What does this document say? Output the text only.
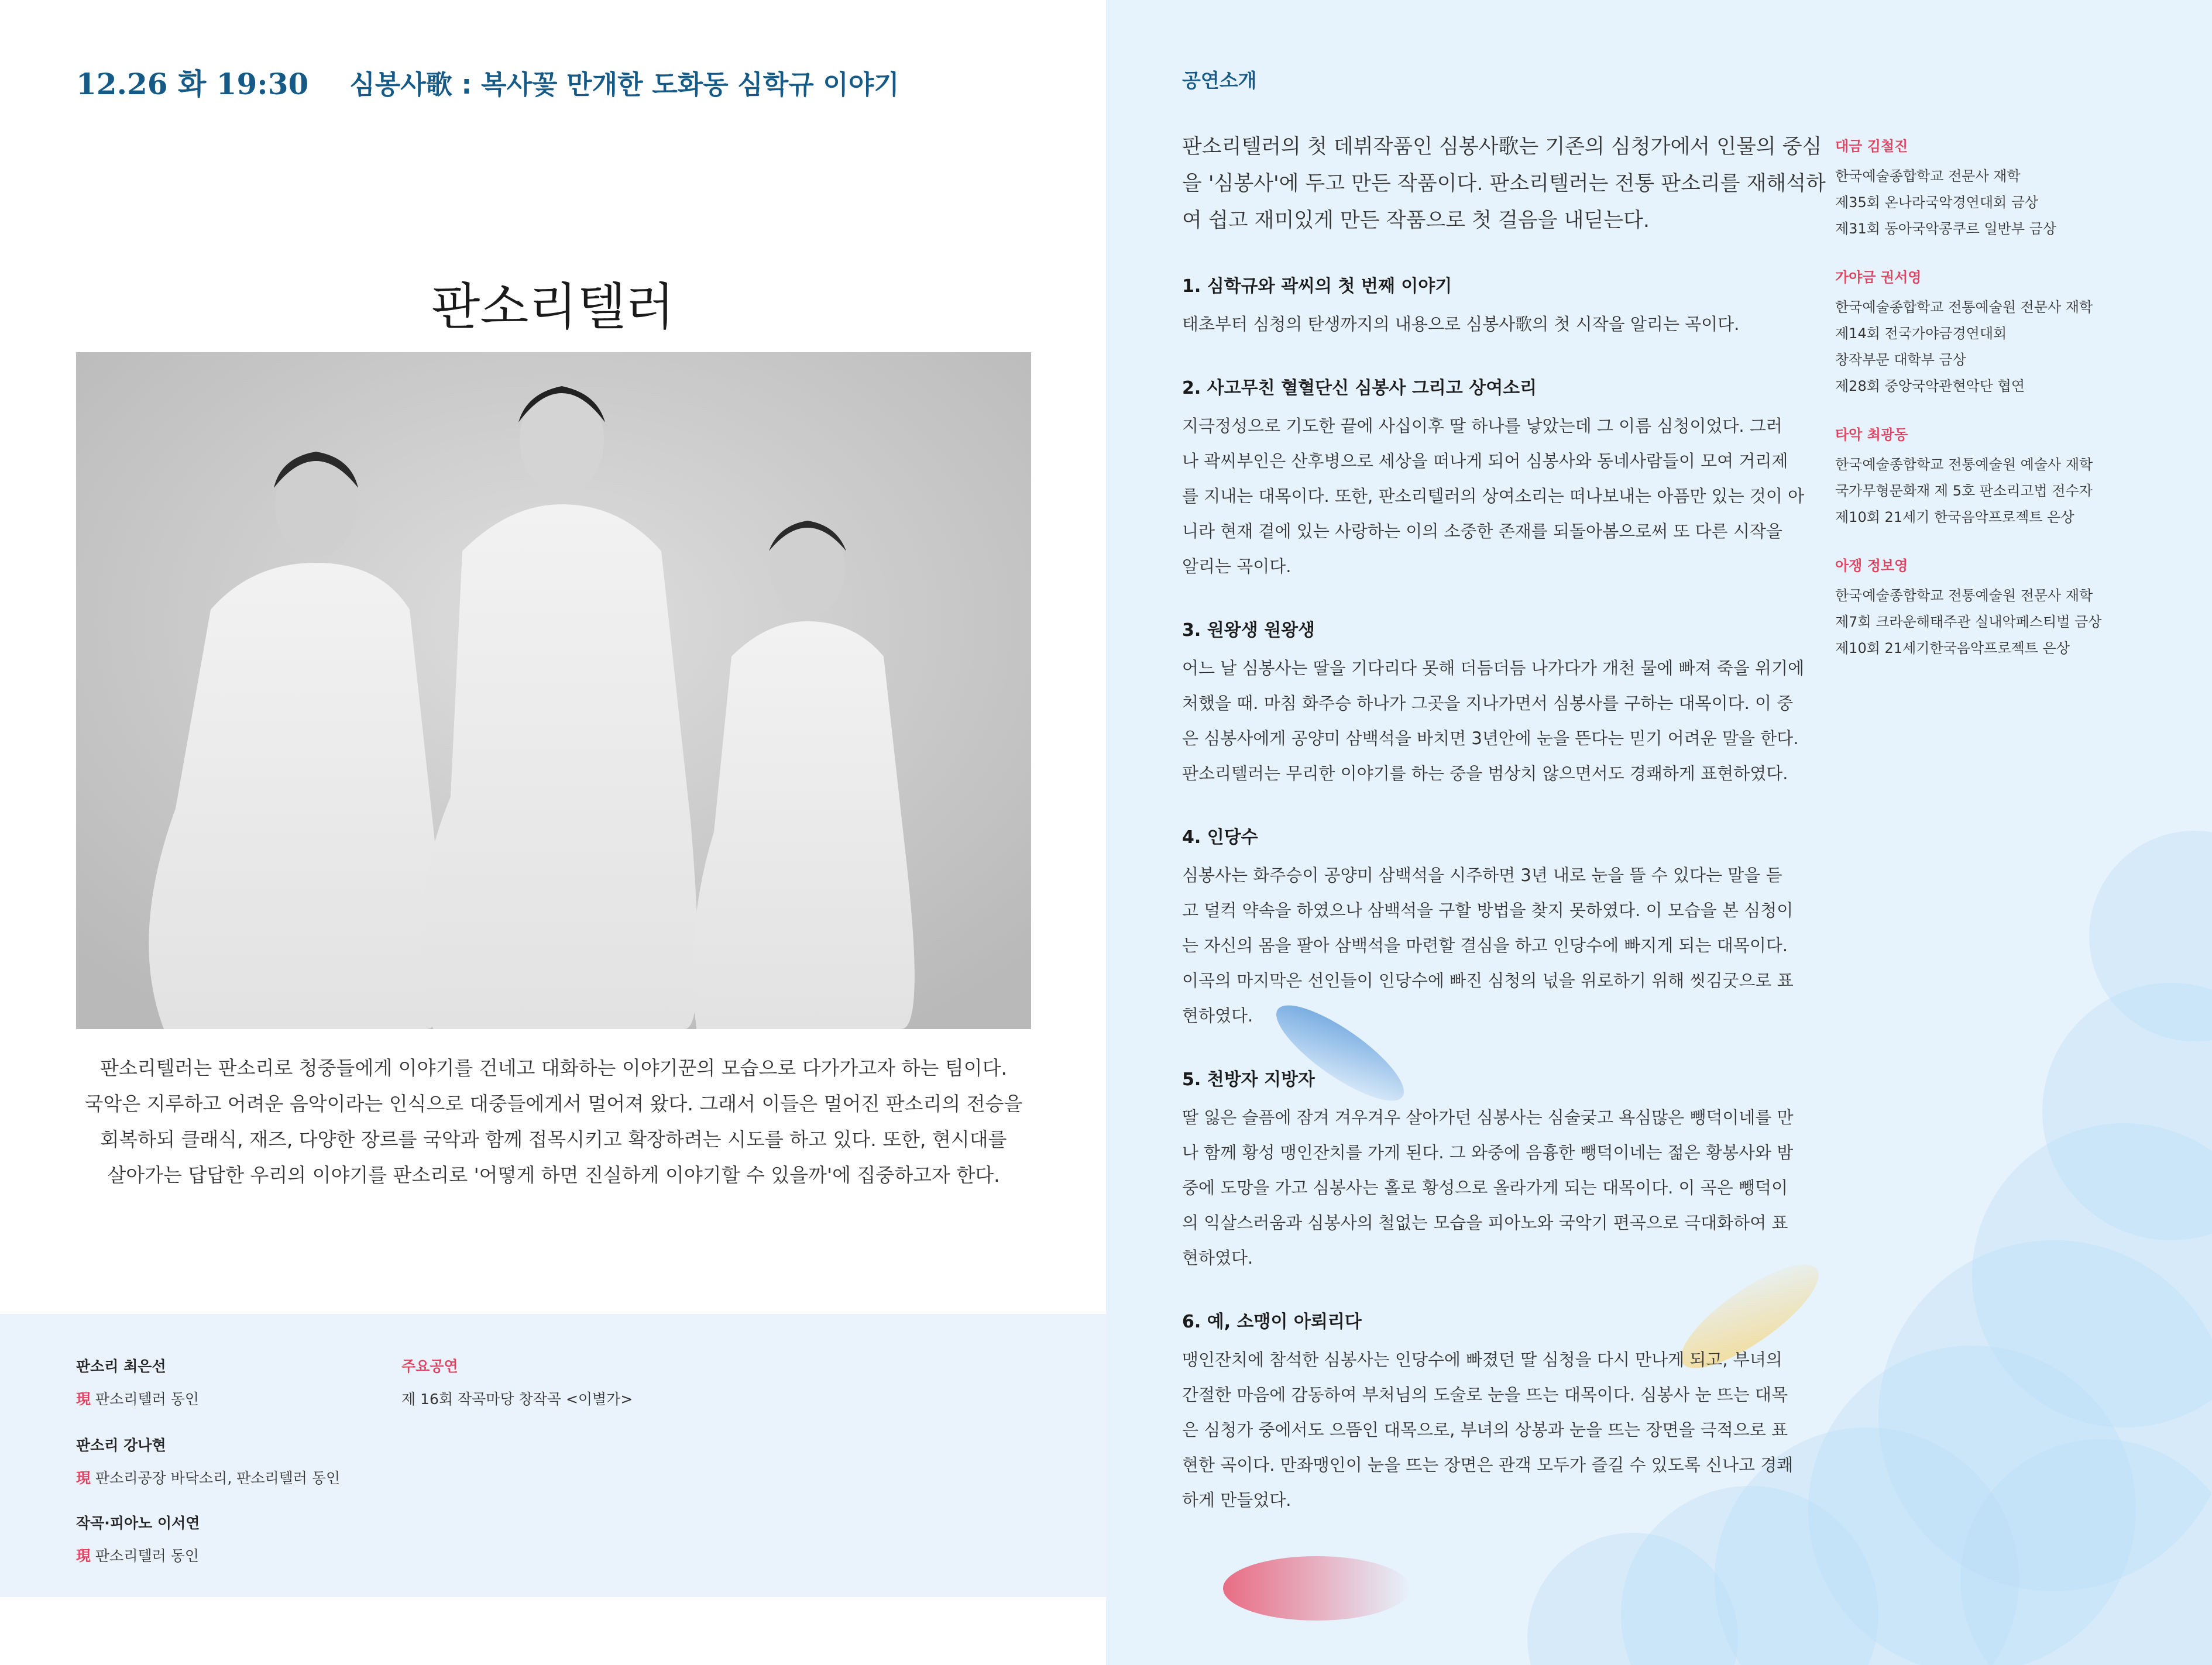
12.26 화 19:30 심봉사歌 : 복사꽃 만개한 도화동 심학규 이야기
판소리텔러

판소리텔러는 판소리로 청중들에게 이야기를 건네고 대화하는 이야기꾼의 모습으로 다가가고자 하는 팀이다.

국악은 지루하고 어려운 음악이라는 인식으로 대중들에게서 멀어져 왔다. 그래서 이들은 멀어진 판소리의 전승을

회복하되 클래식, 재즈, 다양한 장르를 국악과 함께 접목시키고 확장하려는 시도를 하고 있다. 또한, 현시대를

살아가는 답답한 우리의 이야기를 판소리로 '어떻게 하면 진실하게 이야기할 수 있을까'에 집중하고자 한다.

판소리 최은선
現 판소리텔러 동인
판소리 강나현
現 판소리공장 바닥소리, 판소리텔러 동인
작곡·피아노 이서연
現 판소리텔러 동인
주요공연
제 16회 작곡마당 창작곡 <이별가>
공연소개

판소리텔러의 첫 데뷔작품인 심봉사歌는 기존의 심청가에서 인물의 중심

을 '심봉사'에 두고 만든 작품이다. 판소리텔러는 전통 판소리를 재해석하

여 쉽고 재미있게 만든 작품으로 첫 걸음을 내딛는다.

1. 심학규와 곽씨의 첫 번째 이야기
태초부터 심청의 탄생까지의 내용으로 심봉사歌의 첫 시작을 알리는 곡이다.
2. 사고무친 혈혈단신 심봉사 그리고 상여소리
지극정성으로 기도한 끝에 사십이후 딸 하나를 낳았는데 그 이름 심청이었다. 그러
나 곽씨부인은 산후병으로 세상을 떠나게 되어 심봉사와 동네사람들이 모여 거리제
를 지내는 대목이다. 또한, 판소리텔러의 상여소리는 떠나보내는 아픔만 있는 것이 아
니라 현재 곁에 있는 사랑하는 이의 소중한 존재를 되돌아봄으로써 또 다른 시작을
알리는 곡이다.
3. 원왕생 원왕생
어느 날 심봉사는 딸을 기다리다 못해 더듬더듬 나가다가 개천 물에 빠져 죽을 위기에
처했을 때. 마침 화주승 하나가 그곳을 지나가면서 심봉사를 구하는 대목이다. 이 중
은 심봉사에게 공양미 삼백석을 바치면 3년안에 눈을 뜬다는 믿기 어려운 말을 한다.
판소리텔러는 무리한 이야기를 하는 중을 범상치 않으면서도 경쾌하게 표현하였다.
4. 인당수
심봉사는 화주승이 공양미 삼백석을 시주하면 3년 내로 눈을 뜰 수 있다는 말을 듣
고 덜컥 약속을 하였으나 삼백석을 구할 방법을 찾지 못하였다. 이 모습을 본 심청이
는 자신의 몸을 팔아 삼백석을 마련할 결심을 하고 인당수에 빠지게 되는 대목이다.
이곡의 마지막은 선인들이 인당수에 빠진 심청의 넋을 위로하기 위해 씻김굿으로 표
현하였다.
5. 천방자 지방자
딸 잃은 슬픔에 잠겨 겨우겨우 살아가던 심봉사는 심술궂고 욕심많은 뺑덕이네를 만
나 함께 황성 맹인잔치를 가게 된다. 그 와중에 음흉한 뺑덕이네는 젊은 황봉사와 밤
중에 도망을 가고 심봉사는 홀로 황성으로 올라가게 되는 대목이다. 이 곡은 뺑덕이
의 익살스러움과 심봉사의 철없는 모습을 피아노와 국악기 편곡으로 극대화하여 표
현하였다.
6. 예, 소맹이 아뢰리다
맹인잔치에 참석한 심봉사는 인당수에 빠졌던 딸 심청을 다시 만나게 되고, 부녀의
간절한 마음에 감동하여 부처님의 도술로 눈을 뜨는 대목이다. 심봉사 눈 뜨는 대목
은 심청가 중에서도 으뜸인 대목으로, 부녀의 상봉과 눈을 뜨는 장면을 극적으로 표
현한 곡이다. 만좌맹인이 눈을 뜨는 장면은 관객 모두가 즐길 수 있도록 신나고 경쾌
하게 만들었다.
대금 김철진
한국예술종합학교 전문사 재학
제35회 온나라국악경연대회 금상
제31회 동아국악콩쿠르 일반부 금상
가야금 권서영
한국예술종합학교 전통예술원 전문사 재학
제14회 전국가야금경연대회
창작부문 대학부 금상
제28회 중앙국악관현악단 협연
타악 최광동
한국예술종합학교 전통예술원 예술사 재학
국가무형문화재 제 5호 판소리고법 전수자
제10회 21세기 한국음악프로젝트 은상
아쟁 정보영
한국예술종합학교 전통예술원 전문사 재학
제7회 크라운해태주관 실내악페스티벌 금상
제10회 21세기한국음악프로젝트 은상
